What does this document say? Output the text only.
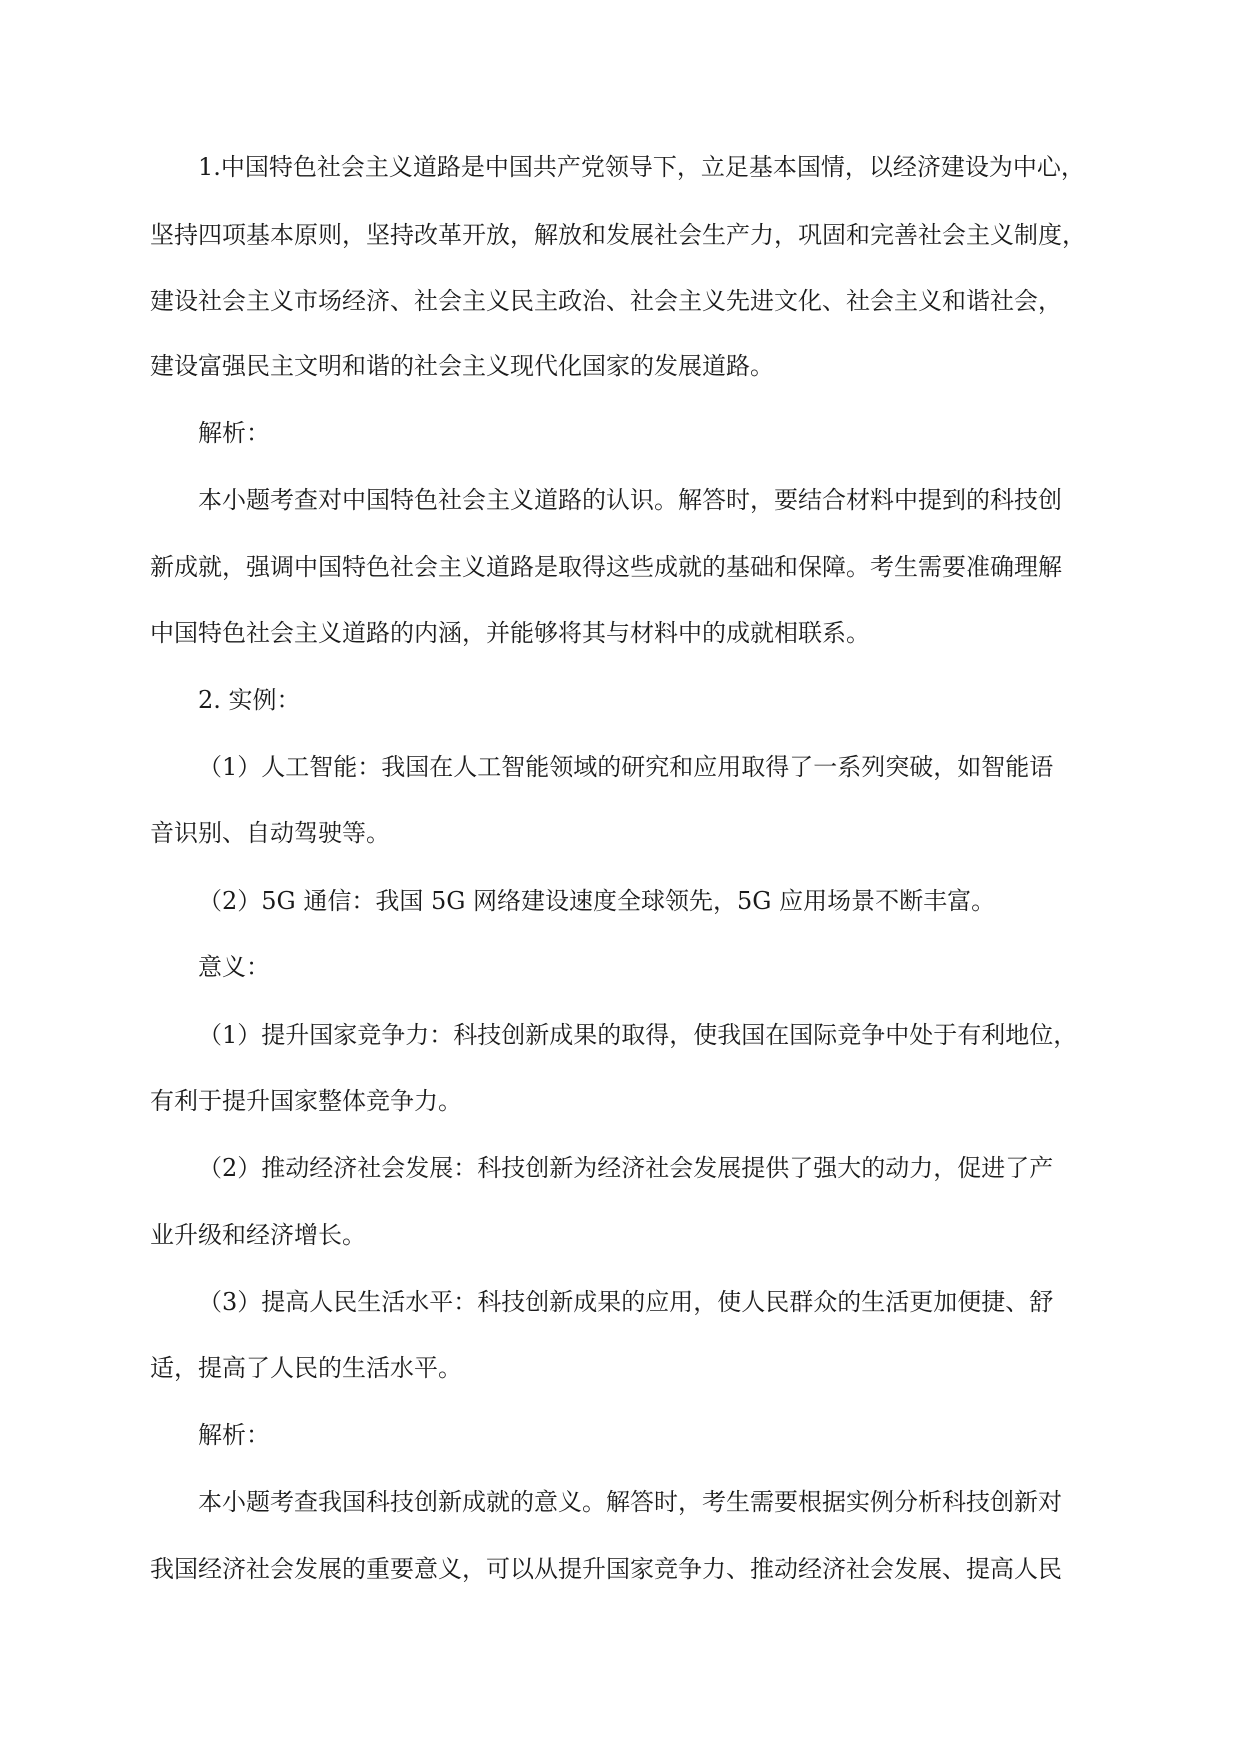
1.中国特色社会主义道路是中国共产党领导下，立足基本国情，以经济建设为中心，
坚持四项基本原则，坚持改革开放，解放和发展社会生产力，巩固和完善社会主义制度，
建设社会主义市场经济、社会主义民主政治、社会主义先进文化、社会主义和谐社会，
建设富强民主文明和谐的社会主义现代化国家的发展道路。
解析：
本小题考查对中国特色社会主义道路的认识。解答时，要结合材料中提到的科技创
新成就，强调中国特色社会主义道路是取得这些成就的基础和保障。考生需要准确理解
中国特色社会主义道路的内涵，并能够将其与材料中的成就相联系。
2. 实例：
（1）人工智能：我国在人工智能领域的研究和应用取得了一系列突破，如智能语
音识别、自动驾驶等。
（2）5G 通信：我国 5G 网络建设速度全球领先，5G 应用场景不断丰富。
意义：
（1）提升国家竞争力：科技创新成果的取得，使我国在国际竞争中处于有利地位，
有利于提升国家整体竞争力。
（2）推动经济社会发展：科技创新为经济社会发展提供了强大的动力，促进了产
业升级和经济增长。
（3）提高人民生活水平：科技创新成果的应用，使人民群众的生活更加便捷、舒
适，提高了人民的生活水平。
解析：
本小题考查我国科技创新成就的意义。解答时，考生需要根据实例分析科技创新对
我国经济社会发展的重要意义，可以从提升国家竞争力、推动经济社会发展、提高人民
